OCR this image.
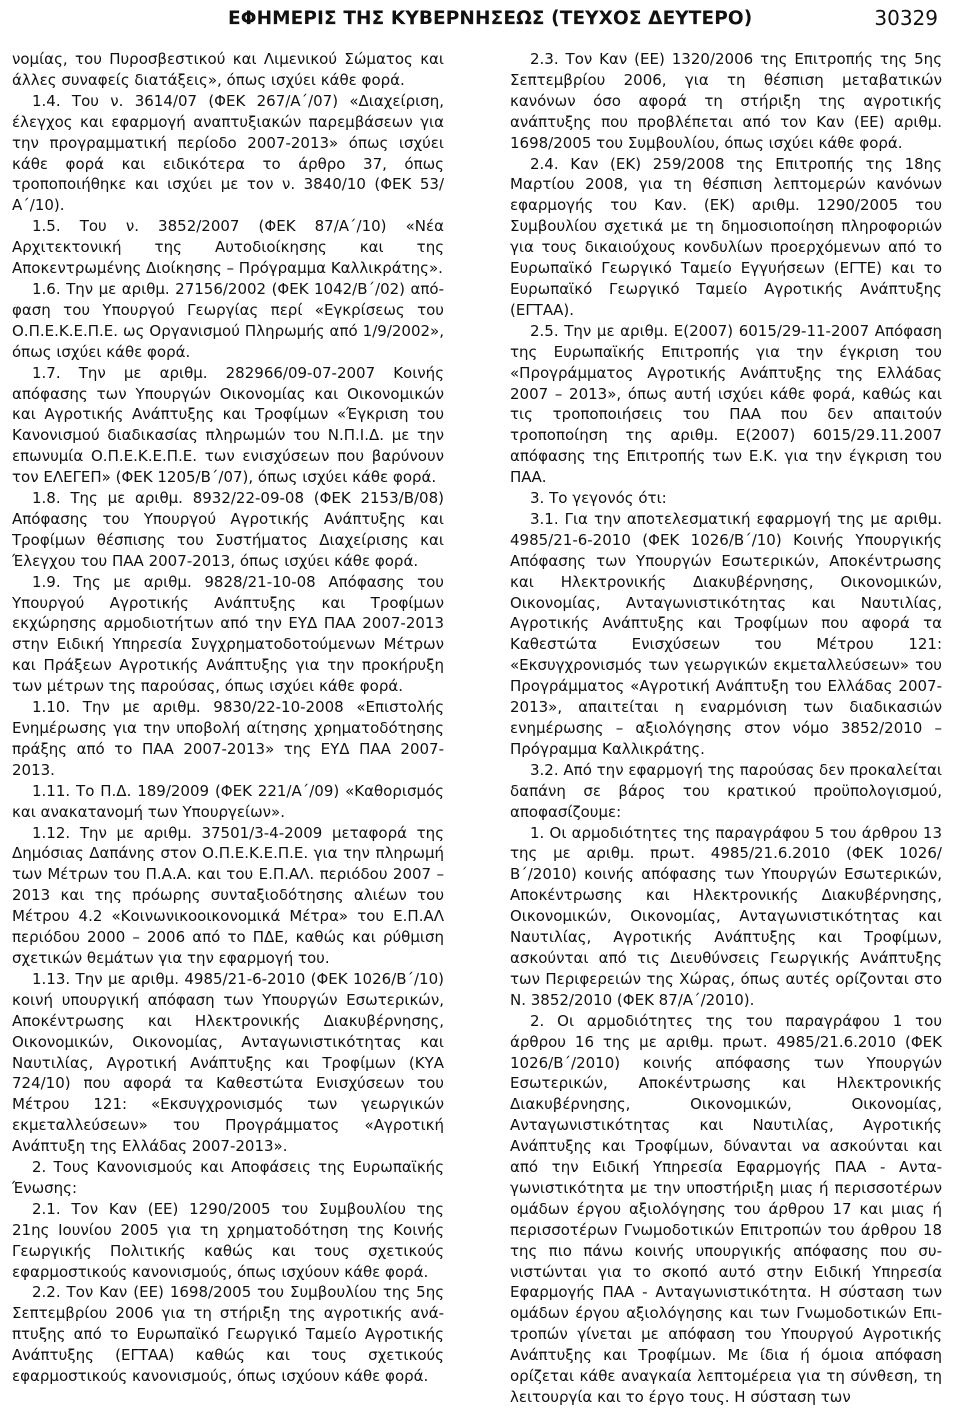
ΕΦΗΜΕΡΙΣ ΤΗΣ ΚΥΒΕΡΝΗΣΕΩΣ (ΤΕΥΧΟΣ ΔΕΥΤΕΡΟ)	30329

νομίας, του Πυροσβεστικού και Λιμενικού Σώματος και άλλες συναφείς διατάξεις», όπως ισχύει κάθε φορά.

1.4. Του ν. 3614/07 (ΦΕΚ 267/Α΄/07) «Διαχείριση, έλεγχος και εφαρμογή αναπτυξιακών παρεμβάσεων για την προγραμματική περίοδο 2007-2013» όπως ισχύει κάθε φορά και ειδικότερα το άρθρο 37, όπως τροποποιήθηκε και ισχύει με τον ν. 3840/10 (ΦΕΚ 53/Α΄/10).

1.5. Του ν. 3852/2007 (ΦΕΚ 87/Α΄/10) «Νέα Αρχιτεκτονική της Αυτοδιοίκησης και της Αποκεντρωμένης Διοίκησης – Πρόγραμμα Καλλικράτης».

1.6. Την με αριθμ. 27156/2002 (ΦΕΚ 1042/Β΄/02) απόφαση του Υπουργού Γεωργίας περί «Εγκρίσεως του Ο.Π.Ε.Κ.Ε.Π.Ε. ως Οργανισμού Πληρωμής από 1/9/2002», όπως ισχύει κάθε φορά.

1.7. Την με αριθμ. 282966/09-07-2007 Κοινής απόφασης των Υπουργών Οικονομίας και Οικονομικών και Αγροτικής Ανάπτυξης και Τροφίμων «Έγκριση του Κανονισμού διαδικασίας πληρωμών του Ν.Π.Ι.Δ. με την επωνυμία Ο.Π.Ε.Κ.Ε.Π.Ε. των ενισχύσεων που βαρύνουν τον ΕΛΕΓΕΠ» (ΦΕΚ 1205/Β΄/07), όπως ισχύει κάθε φορά.

1.8. Της με αριθμ. 8932/22-09-08 (ΦΕΚ 2153/Β/08) Απόφασης του Υπουργού Αγροτικής Ανάπτυξης και Τροφίμων θέσπισης του Συστήματος Διαχείρισης και Έλεγχου του ΠΑΑ 2007-2013, όπως ισχύει κάθε φορά.

1.9. Της με αριθμ. 9828/21-10-08 Απόφασης του Υπουργού Αγροτικής Ανάπτυξης και Τροφίμων εκχώρησης αρμοδιοτήτων από την ΕΥΔ ΠΑΑ 2007-2013 στην Ειδική Υπηρεσία Συγχρηματοδοτούμενων Μέτρων και Πράξεων Αγροτικής Ανάπτυξης για την προκήρυξη των μέτρων της παρούσας, όπως ισχύει κάθε φορά.

1.10. Την με αριθμ. 9830/22-10-2008 «Επιστολής Ενημέρωσης για την υποβολή αίτησης χρηματοδότησης πράξης από το ΠΑΑ 2007-2013» της ΕΥΔ ΠΑΑ 2007-2013.

1.11. Το Π.Δ. 189/2009 (ΦΕΚ 221/Α΄/09) «Καθορισμός και ανακατανομή των Υπουργείων».

1.12. Την με αριθμ. 37501/3-4-2009 μεταφορά της Δημόσιας Δαπάνης στον Ο.Π.Ε.Κ.Ε.Π.Ε. για την πληρωμή των Μέτρων του Π.Α.Α. και του Ε.Π.ΑΛ. περιόδου 2007 – 2013 και της πρόωρης συνταξιοδότησης αλιέων του Μέτρου 4.2 «Κοινωνικοοικονομικά Μέτρα» του Ε.Π.ΑΛ περιόδου 2000 – 2006 από το ΠΔΕ, καθώς και ρύθμιση σχετικών θεμάτων για την εφαρμογή του.

1.13. Την με αριθμ. 4985/21-6-2010 (ΦΕΚ 1026/Β΄/10) κοινή υπουργική απόφαση των Υπουργών Εσωτερικών, Αποκέντρωσης και Ηλεκτρονικής Διακυβέρνησης, Οικονομικών, Οικονομίας, Ανταγωνιστικότητας και Ναυτιλίας, Αγροτική Ανάπτυξης και Τροφίμων (ΚΥΑ 724/10) που αφορά τα Καθεστώτα Ενισχύσεων του Μέτρου 121: «Εκσυγχρονισμός των γεωργικών εκμεταλλεύσεων» του Προγράμματος «Αγροτική Ανάπτυξη της Ελλάδας 2007-2013».

2. Τους Κανονισμούς και Αποφάσεις της Ευρωπαϊκής Ένωσης:

2.1. Τον Καν (ΕΕ) 1290/2005 του Συμβουλίου της 21ης Ιουνίου 2005 για τη χρηματοδότηση της Κοινής Γεωργικής Πολιτικής καθώς και τους σχετικούς εφαρμοστικούς κανονισμούς, όπως ισχύουν κάθε φορά.

2.2. Τον Καν (ΕΕ) 1698/2005 του Συμβουλίου της 5ης Σεπτεμβρίου 2006 για τη στήριξη της αγροτικής ανάπτυξης από το Ευρωπαϊκό Γεωργικό Ταμείο Αγροτικής Ανάπτυξης (ΕΓΤΑΑ) καθώς και τους σχετικούς εφαρμοστικούς κανονισμούς, όπως ισχύουν κάθε φορά.

2.3. Τον Καν (ΕΕ) 1320/2006 της Επιτροπής της 5ης Σεπτεμβρίου 2006, για τη θέσπιση μεταβατικών κανόνων όσο αφορά τη στήριξη της αγροτικής ανάπτυξης που προβλέπεται από τον Καν (ΕΕ) αριθμ. 1698/2005 του Συμβουλίου, όπως ισχύει κάθε φορά.

2.4. Καν (ΕΚ) 259/2008 της Επιτροπής της 18ης Μαρτίου 2008, για τη θέσπιση λεπτομερών κανόνων εφαρμογής του Καν. (ΕΚ) αριθμ. 1290/2005 του Συμβουλίου σχετικά με τη δημοσιοποίηση πληροφοριών για τους δικαιούχους κονδυλίων προερχόμενων από το Ευρωπαϊκό Γεωργικό Ταμείο Εγγυήσεων (ΕΓΤΕ) και το Ευρωπαϊκό Γεωργικό Ταμείο Αγροτικής Ανάπτυξης (ΕΓΤΑΑ).

2.5. Την με αριθμ. Ε(2007) 6015/29-11-2007 Απόφαση της Ευρωπαϊκής Επιτροπής για την έγκριση του «Προγράμματος Αγροτικής Ανάπτυξης της Ελλάδας 2007 – 2013», όπως αυτή ισχύει κάθε φορά, καθώς και τις τροποποιήσεις του ΠΑΑ που δεν απαιτούν τροποποίηση της αριθμ. Ε(2007) 6015/29.11.2007 απόφασης της Επιτροπής των Ε.Κ. για την έγκριση του ΠΑΑ.

3. Το γεγονός ότι:

3.1. Για την αποτελεσματική εφαρμογή της με αριθμ. 4985/21-6-2010 (ΦΕΚ 1026/Β΄/10) Κοινής Υπουργικής Απόφασης των Υπουργών Εσωτερικών, Αποκέντρωσης και Ηλεκτρονικής Διακυβέρνησης, Οικονομικών, Οικονομίας, Ανταγωνιστικότητας και Ναυτιλίας, Αγροτικής Ανάπτυξης και Τροφίμων που αφορά τα Καθεστώτα Ενισχύσεων του Μέτρου 121: «Εκσυγχρονισμός των γεωργικών εκμεταλλεύσεων» του Προγράμματος «Αγροτική Ανάπτυξη του Ελλάδας 2007-2013», απαιτείται η εναρμόνιση των διαδικασιών ενημέρωσης – αξιολόγησης στον νόμο 3852/2010 – Πρόγραμμα Καλλικράτης.

3.2. Από την εφαρμογή της παρούσας δεν προκαλείται δαπάνη σε βάρος του κρατικού προϋπολογισμού, αποφασίζουμε:

1. Οι αρμοδιότητες της παραγράφου 5 του άρθρου 13 της με αριθμ. πρωτ. 4985/21.6.2010 (ΦΕΚ 1026/Β΄/2010) κοινής απόφασης των Υπουργών Εσωτερικών, Αποκέντρωσης και Ηλεκτρονικής Διακυβέρνησης, Οικονομικών, Οικονομίας, Ανταγωνιστικότητας και Ναυτιλίας, Αγροτικής Ανάπτυξης και Τροφίμων, ασκούνται από τις Διευθύνσεις Γεωργικής Ανάπτυξης των Περιφερειών της Χώρας, όπως αυτές ορίζονται στο Ν. 3852/2010 (ΦΕΚ 87/Α΄/2010).

2. Οι αρμοδιότητες της του παραγράφου 1 του άρθρου 16 της με αριθμ. πρωτ. 4985/21.6.2010 (ΦΕΚ 1026/Β΄/2010) κοινής απόφασης των Υπουργών Εσωτερικών, Αποκέντρωσης και Ηλεκτρονικής Διακυβέρνησης, Οικονομικών, Οικονομίας, Ανταγωνιστικότητας και Ναυτιλίας, Αγροτικής Ανάπτυξης και Τροφίμων, δύνανται να ασκούνται και από την Ειδική Υπηρεσία Εφαρμογής ΠΑΑ - Ανταγωνιστικότητα με την υποστήριξη μιας ή περισσοτέρων ομάδων έργου αξιολόγησης του άρθρου 17 και μιας ή περισσοτέρων Γνωμοδοτικών Επιτροπών του άρθρου 18 της πιο πάνω κοινής υπουργικής απόφασης που συνιστώνται για το σκοπό αυτό στην Ειδική Υπηρεσία Εφαρμογής ΠΑΑ - Ανταγωνιστικότητα. Η σύσταση των ομάδων έργου αξιολόγησης και των Γνωμοδοτικών Επιτροπών γίνεται με απόφαση του Υπουργού Αγροτικής Ανάπτυξης και Τροφίμων. Με ίδια ή όμοια απόφαση ορίζεται κάθε αναγκαία λεπτομέρεια για τη σύνθεση, τη λειτουργία και το έργο τους. Η σύσταση των
